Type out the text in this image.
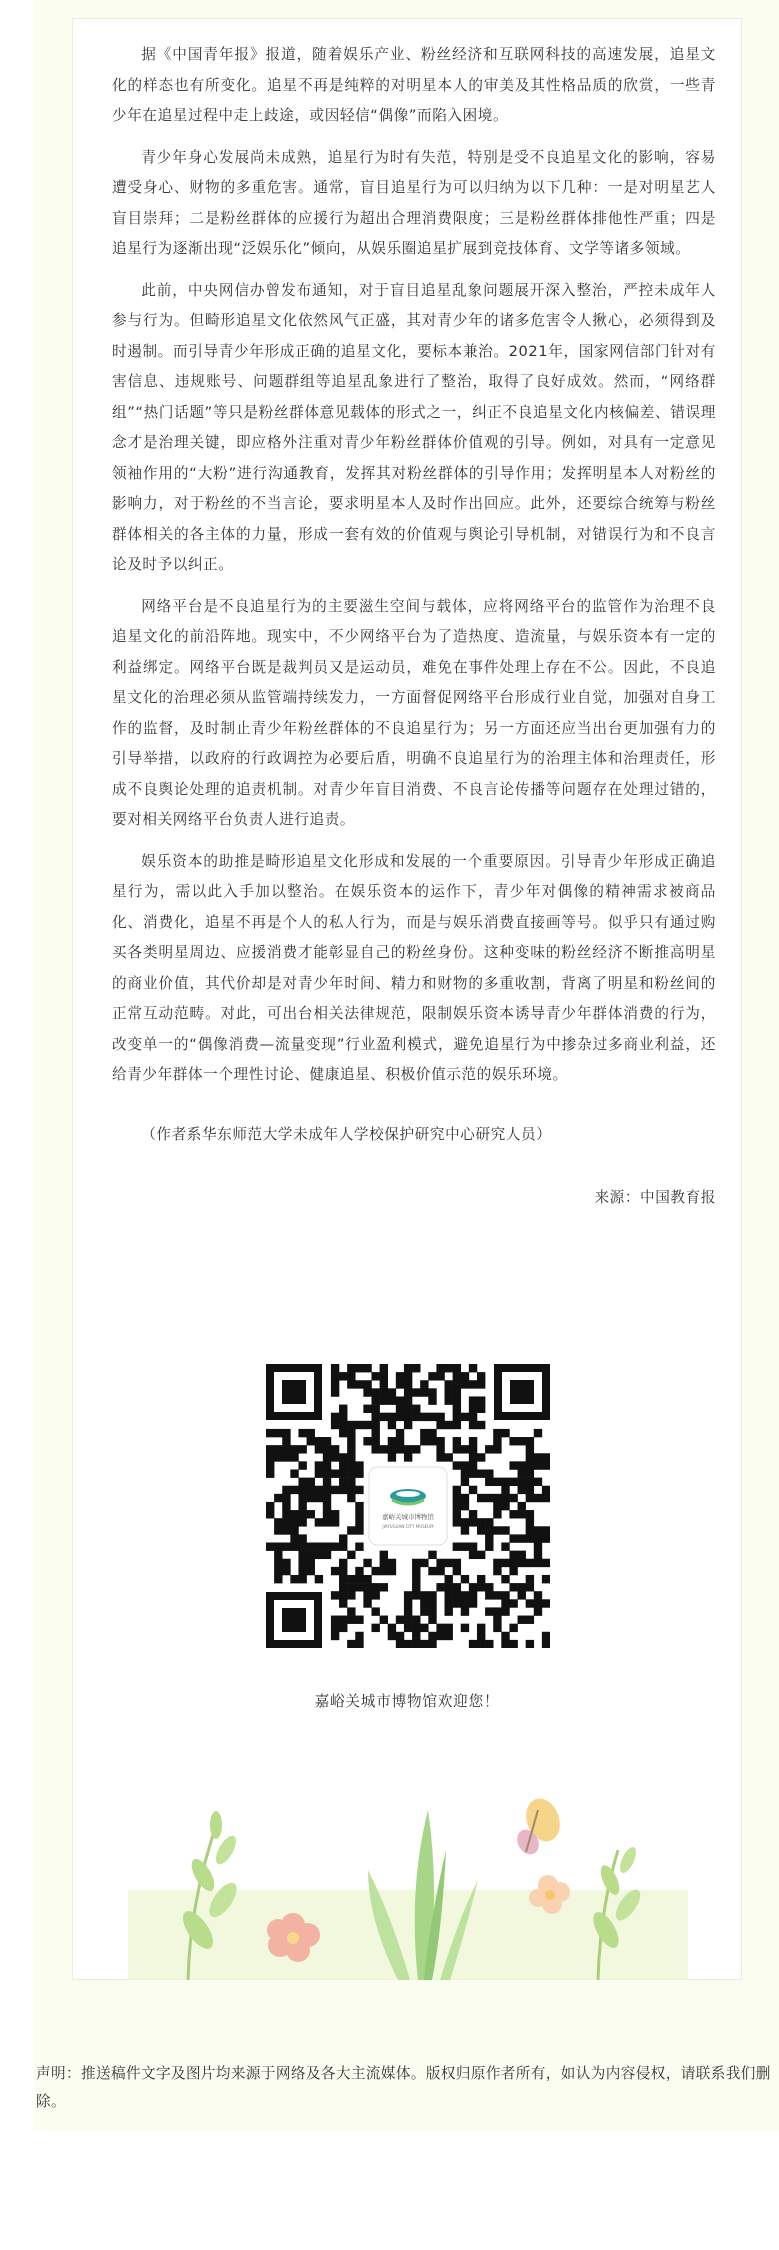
据《中国青年报》报道，随着娱乐产业、粉丝经济和互联网科技的高速发展，追星文化的样态也有所变化。追星不再是纯粹的对明星本人的审美及其性格品质的欣赏，一些青少年在追星过程中走上歧途，或因轻信“偶像”而陷入困境。

青少年身心发展尚未成熟，追星行为时有失范，特别是受不良追星文化的影响，容易遭受身心、财物的多重危害。通常，盲目追星行为可以归纳为以下几种：一是对明星艺人盲目崇拜；二是粉丝群体的应援行为超出合理消费限度；三是粉丝群体排他性严重；四是追星行为逐渐出现“泛娱乐化”倾向，从娱乐圈追星扩展到竞技体育、文学等诸多领域。

此前，中央网信办曾发布通知，对于盲目追星乱象问题展开深入整治，严控未成年人参与行为。但畸形追星文化依然风气正盛，其对青少年的诸多危害令人揪心，必须得到及时遏制。而引导青少年形成正确的追星文化，要标本兼治。2021年，国家网信部门针对有害信息、违规账号、问题群组等追星乱象进行了整治，取得了良好成效。然而，“网络群组”“热门话题”等只是粉丝群体意见载体的形式之一，纠正不良追星文化内核偏差、错误理念才是治理关键，即应格外注重对青少年粉丝群体价值观的引导。例如，对具有一定意见领袖作用的“大粉”进行沟通教育，发挥其对粉丝群体的引导作用；发挥明星本人对粉丝的影响力，对于粉丝的不当言论，要求明星本人及时作出回应。此外，还要综合统筹与粉丝群体相关的各主体的力量，形成一套有效的价值观与舆论引导机制，对错误行为和不良言论及时予以纠正。

网络平台是不良追星行为的主要滋生空间与载体，应将网络平台的监管作为治理不良追星文化的前沿阵地。现实中，不少网络平台为了造热度、造流量，与娱乐资本有一定的利益绑定。网络平台既是裁判员又是运动员，难免在事件处理上存在不公。因此，不良追星文化的治理必须从监管端持续发力，一方面督促网络平台形成行业自觉，加强对自身工作的监督，及时制止青少年粉丝群体的不良追星行为；另一方面还应当出台更加强有力的引导举措，以政府的行政调控为必要后盾，明确不良追星行为的治理主体和治理责任，形成不良舆论处理的追责机制。对青少年盲目消费、不良言论传播等问题存在处理过错的，要对相关网络平台负责人进行追责。

娱乐资本的助推是畸形追星文化形成和发展的一个重要原因。引导青少年形成正确追星行为，需以此入手加以整治。在娱乐资本的运作下，青少年对偶像的精神需求被商品化、消费化，追星不再是个人的私人行为，而是与娱乐消费直接画等号。似乎只有通过购买各类明星周边、应援消费才能彰显自己的粉丝身份。这种变味的粉丝经济不断推高明星的商业价值，其代价却是对青少年时间、精力和财物的多重收割，背离了明星和粉丝间的正常互动范畴。对此，可出台相关法律规范，限制娱乐资本诱导青少年群体消费的行为，改变单一的“偶像消费—流量变现”行业盈利模式，避免追星行为中掺杂过多商业利益，还给青少年群体一个理性讨论、健康追星、积极价值示范的娱乐环境。

（作者系华东师范大学未成年人学校保护研究中心研究人员）
来源：中国教育报
嘉峪关城市博物馆
JIAYUGUAN CITY MUSEUM
嘉峪关城市博物馆欢迎您！
声明：推送稿件文字及图片均来源于网络及各大主流媒体。版权归原作者所有，如认为内容侵权，请联系我们删除。
